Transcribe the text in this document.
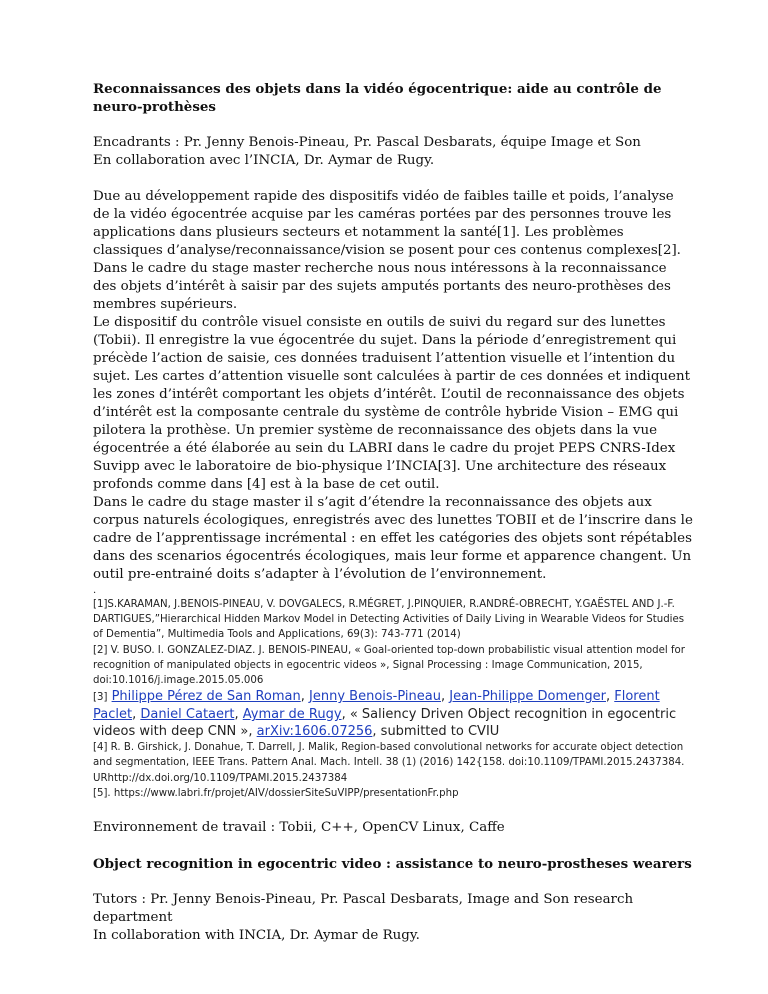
Reconnaissances des objets dans la vidéo égocentrique: aide au contrôle de neuro-prothèses

Encadrants : Pr. Jenny Benois-Pineau, Pr. Pascal Desbarats, équipe Image et Son

En collaboration avec l’INCIA, Dr. Aymar de Rugy.

Due au développement rapide des dispositifs vidéo de faibles taille et poids, l’analyse de la vidéo égocentrée acquise par les caméras portées par des personnes trouve les applications dans plusieurs secteurs et notamment la santé[1]. Les problèmes classiques d’analyse/reconnaissance/vision se posent pour ces contenus complexes[2]. Dans le cadre du stage master recherche nous nous intéressons à la reconnaissance des objets d’intérêt à saisir par des sujets amputés portants des neuro-prothèses des membres supérieurs.

Le dispositif du contrôle visuel consiste en outils de suivi du regard sur des lunettes (Tobii). Il enregistre la vue égocentrée du sujet. Dans la période d’enregistrement qui précède l’action de saisie, ces données traduisent l’attention visuelle et l’intention du sujet. Les cartes d’attention visuelle sont calculées à partir de ces données et indiquent les zones d’intérêt comportant les objets d’intérêt. L’outil de reconnaissance des objets d’intérêt est la composante centrale du système de contrôle hybride Vision – EMG qui pilotera la prothèse. Un premier système de reconnaissance des objets dans la vue égocentrée a été élaborée au sein du LABRI dans le cadre du projet PEPS CNRS-Idex Suvipp avec le laboratoire de bio-physique l’INCIA[3]. Une architecture des réseaux profonds comme dans [4] est à la base de cet outil.

Dans le cadre du stage master il s’agit d’étendre la reconnaissance des objets aux corpus naturels écologiques, enregistrés avec des lunettes TOBII et de l’inscrire dans le cadre de l’apprentissage incrémental : en effet les catégories des objets sont répétables dans des scenarios égocentrés écologiques, mais leur forme et apparence changent. Un outil pre-entrainé doits s’adapter à l’évolution de l’environnement.

.

[1]S.KARAMAN, J.BENOIS-PINEAU, V. DOVGALECS, R.MÉGRET, J.PINQUIER, R.ANDRÉ-OBRECHT, Y.GAËSTEL AND J.-F. DARTIGUES,”Hierarchical Hidden Markov Model in Detecting Activities of Daily Living in Wearable Videos for Studies of Dementia”, Multimedia Tools and Applications, 69(3): 743-771 (2014)

[2] V. BUSO. I. GONZALEZ-DIAZ. J. BENOIS-PINEAU, « Goal-oriented top-down probabilistic visual attention model for recognition of manipulated objects in egocentric videos », Signal Processing : Image Communication, 2015, doi:10.1016/j.image.2015.05.006

[3] Philippe Pérez de San Roman, Jenny Benois-Pineau, Jean-Philippe Domenger, Florent Paclet, Daniel Cataert, Aymar de Rugy, « Saliency Driven Object recognition in egocentric videos with deep CNN », arXiv:1606.07256, submitted to CVIU

[4] R. B. Girshick, J. Donahue, T. Darrell, J. Malik, Region-based convolutional networks for accurate object detection and segmentation, IEEE Trans. Pattern Anal. Mach. Intell. 38 (1) (2016) 142{158. doi:10.1109/TPAMI.2015.2437384. URhttp://dx.doi.org/10.1109/TPAMI.2015.2437384

[5]. https://www.labri.fr/projet/AIV/dossierSiteSuVIPP/presentationFr.php

Environnement de travail : Tobii, C++, OpenCV Linux, Caffe

Object recognition in egocentric video : assistance to neuro-prostheses wearers

Tutors : Pr. Jenny Benois-Pineau, Pr. Pascal Desbarats, Image and Son research department

In collaboration with INCIA, Dr. Aymar de Rugy.
